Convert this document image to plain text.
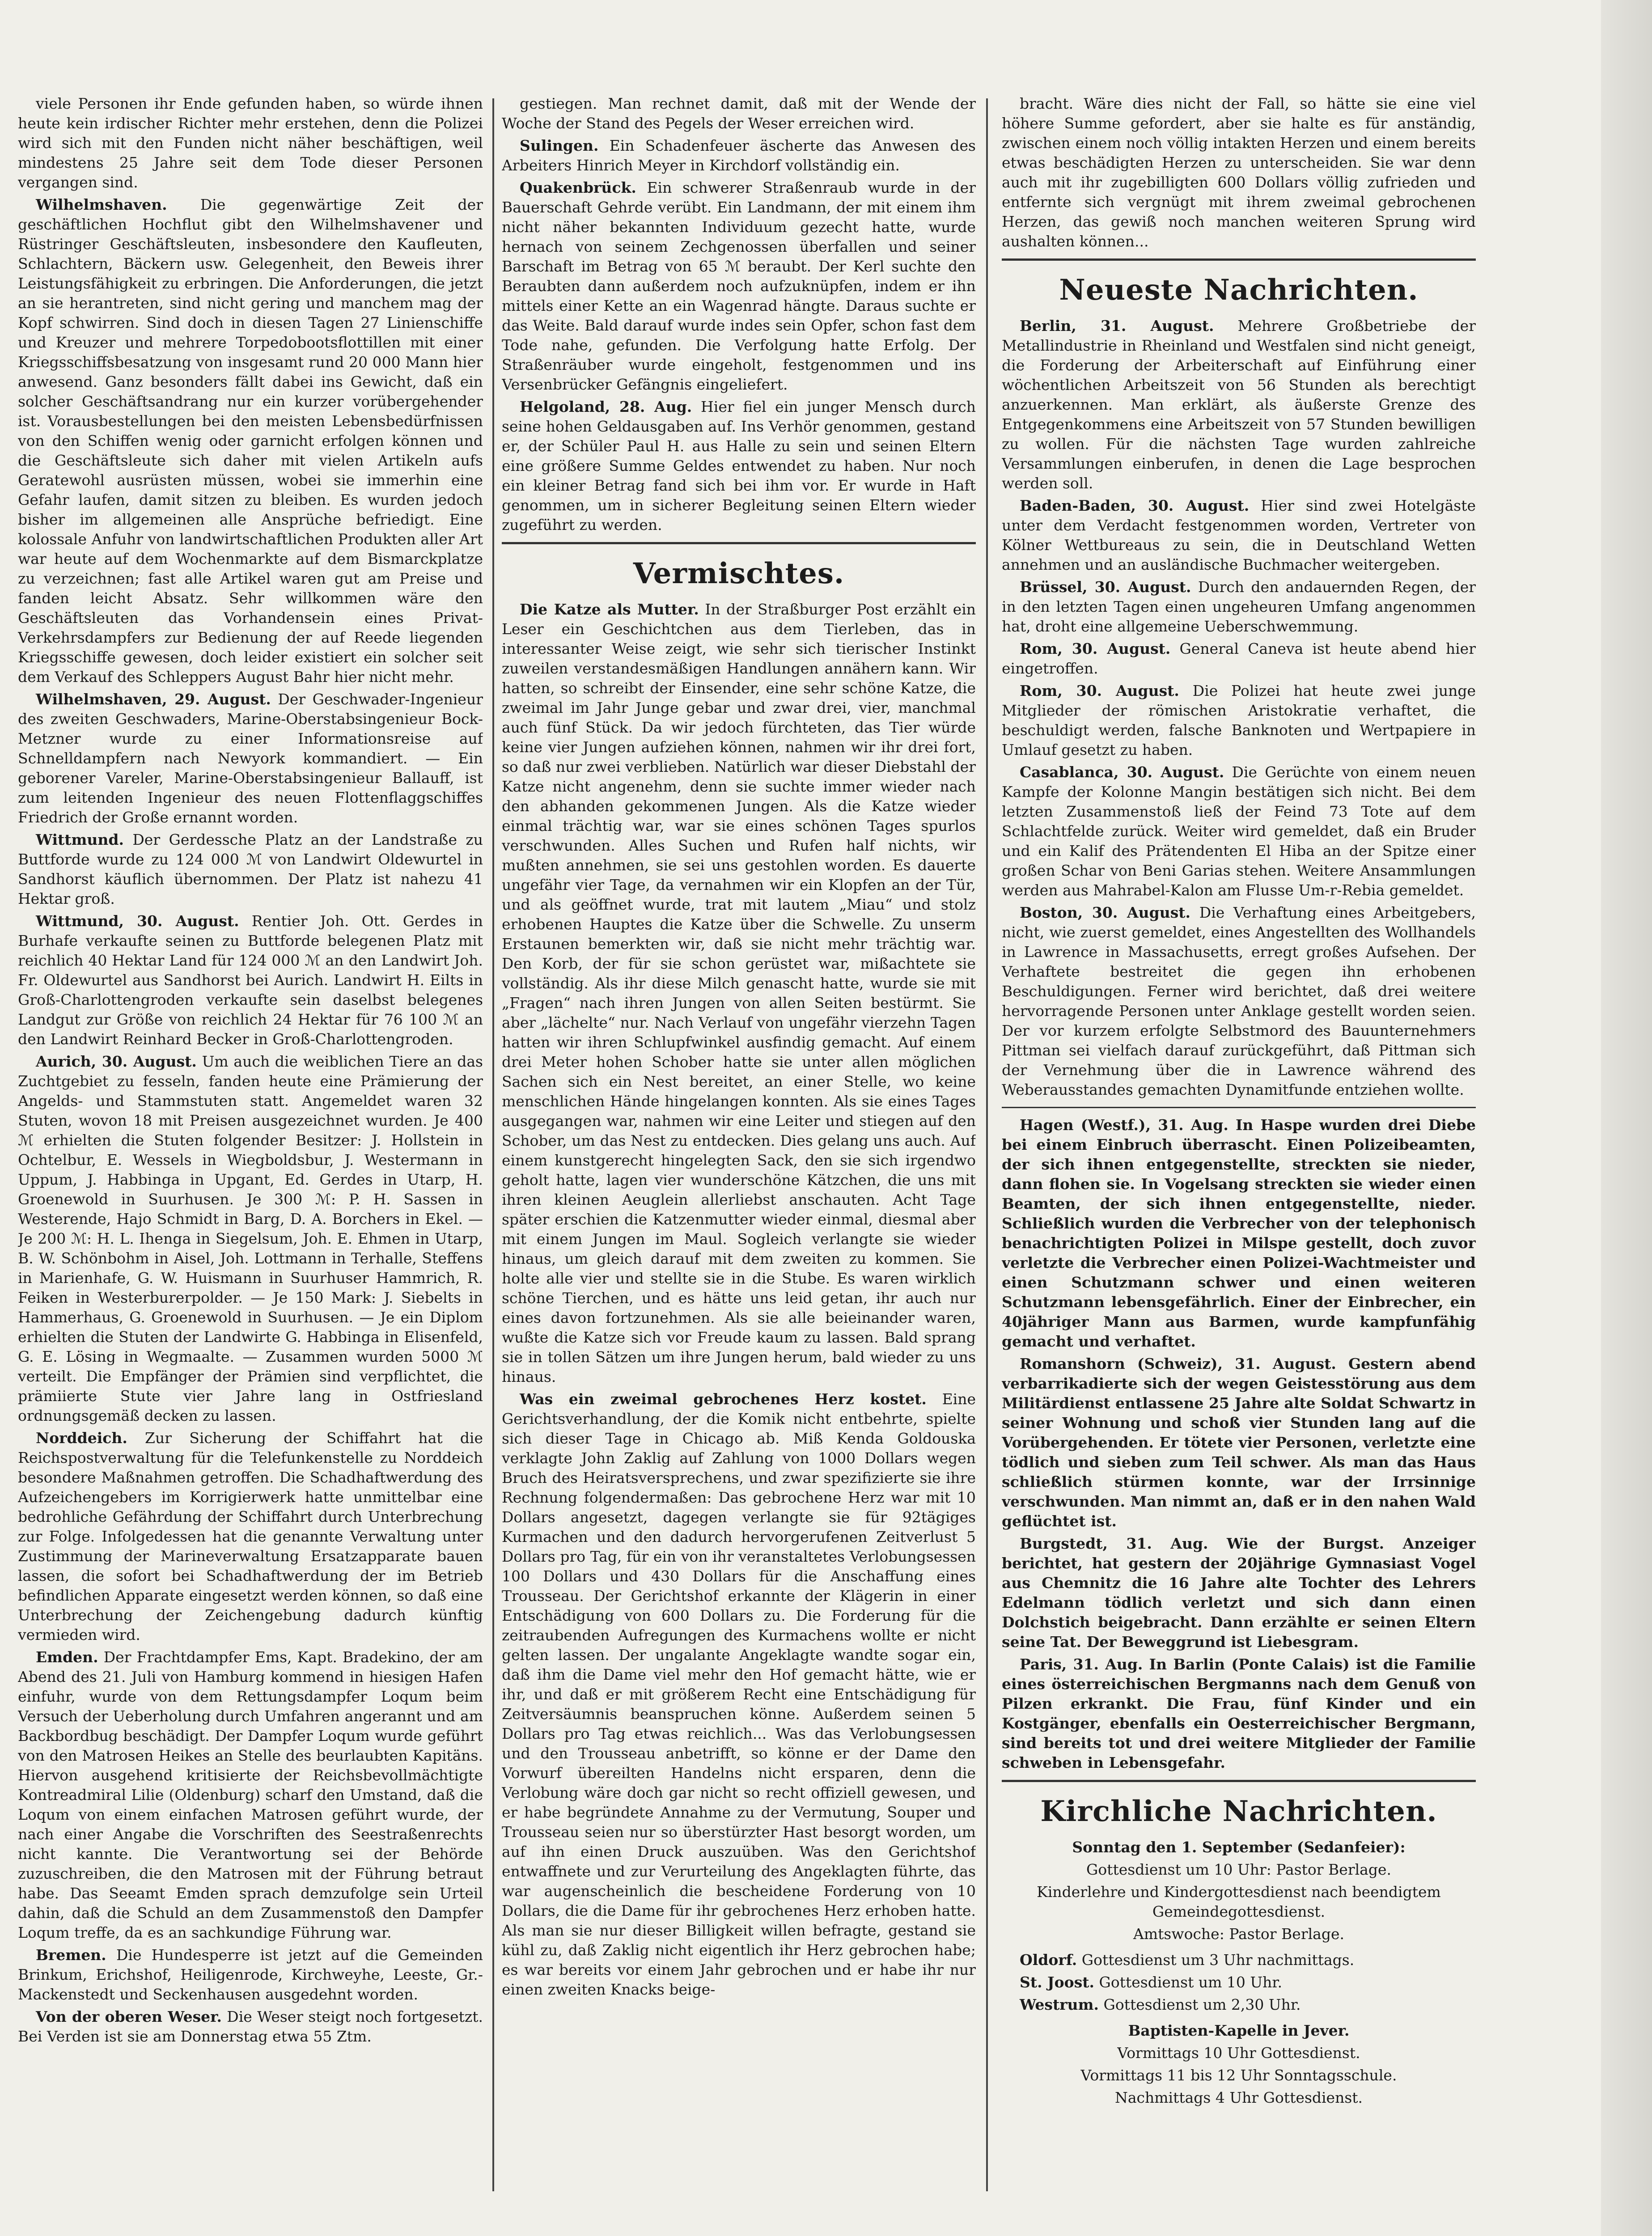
viele Personen ihr Ende gefunden haben, so würde ihnen heute kein irdischer Richter mehr erstehen, denn die Polizei wird sich mit den Funden nicht näher beschäftigen, weil mindestens 25 Jahre seit dem Tode dieser Personen vergangen sind.

Wilhelmshaven. Die gegenwärtige Zeit der geschäftlichen Hochflut gibt den Wilhelmshavener und Rüstringer Geschäftsleuten, insbesondere den Kaufleuten, Schlachtern, Bäckern usw. Gelegenheit, den Beweis ihrer Leistungsfähigkeit zu erbringen. Die Anforderungen, die jetzt an sie herantreten, sind nicht gering und manchem mag der Kopf schwirren. Sind doch in diesen Tagen 27 Linienschiffe und Kreuzer und mehrere Torpedobootsflottillen mit einer Kriegsschiffsbesatzung von insgesamt rund 20 000 Mann hier anwesend. Ganz besonders fällt dabei ins Gewicht, daß ein solcher Geschäftsandrang nur ein kurzer vorübergehender ist. Vorausbestellungen bei den meisten Lebensbedürfnissen von den Schiffen wenig oder garnicht erfolgen können und die Geschäftsleute sich daher mit vielen Artikeln aufs Geratewohl ausrüsten müssen, wobei sie immerhin eine Gefahr laufen, damit sitzen zu bleiben. Es wurden jedoch bisher im allgemeinen alle Ansprüche befriedigt. Eine kolossale Anfuhr von landwirtschaftlichen Produkten aller Art war heute auf dem Wochenmarkte auf dem Bismarckplatze zu verzeichnen; fast alle Artikel waren gut am Preise und fanden leicht Absatz. Sehr willkommen wäre den Geschäftsleuten das Vorhandensein eines Privat-Verkehrsdampfers zur Bedienung der auf Reede liegenden Kriegsschiffe gewesen, doch leider existiert ein solcher seit dem Verkauf des Schleppers August Bahr hier nicht mehr.

Wilhelmshaven, 29. August. Der Geschwader-Ingenieur des zweiten Geschwaders, Marine-Oberstabsingenieur Bock-Metzner wurde zu einer Informationsreise auf Schnelldampfern nach Newyork kommandiert. — Ein geborener Vareler, Marine-Oberstabsingenieur Ballauff, ist zum leitenden Ingenieur des neuen Flottenflaggschiffes Friedrich der Große ernannt worden.

Wittmund. Der Gerdessche Platz an der Landstraße zu Buttforde wurde zu 124 000 ℳ von Landwirt Oldewurtel in Sandhorst käuflich übernommen. Der Platz ist nahezu 41 Hektar groß.

Wittmund, 30. August. Rentier Joh. Ott. Gerdes in Burhafe verkaufte seinen zu Buttforde belegenen Platz mit reichlich 40 Hektar Land für 124 000 ℳ an den Landwirt Joh. Fr. Oldewurtel aus Sandhorst bei Aurich. Landwirt H. Eilts in Groß-Charlottengroden verkaufte sein daselbst belegenes Landgut zur Größe von reichlich 24 Hektar für 76 100 ℳ an den Landwirt Reinhard Becker in Groß-Charlottengroden.

Aurich, 30. August. Um auch die weiblichen Tiere an das Zuchtgebiet zu fesseln, fanden heute eine Prämierung der Angelds- und Stammstuten statt. Angemeldet waren 32 Stuten, wovon 18 mit Preisen ausgezeichnet wurden. Je 400 ℳ erhielten die Stuten folgender Besitzer: J. Hollstein in Ochtelbur, E. Wessels in Wiegboldsbur, J. Westermann in Uppum, J. Habbinga in Upgant, Ed. Gerdes in Utarp, H. Groenewold in Suurhusen. Je 300 ℳ: P. H. Sassen in Westerende, Hajo Schmidt in Barg, D. A. Borchers in Ekel. — Je 200 ℳ: H. L. Ihenga in Siegelsum, Joh. E. Ehmen in Utarp, B. W. Schönbohm in Aisel, Joh. Lottmann in Terhalle, Steffens in Marienhafe, G. W. Huismann in Suurhuser Hammrich, R. Feiken in Westerburerpolder. — Je 150 Mark: J. Siebelts in Hammerhaus, G. Groenewold in Suurhusen. — Je ein Diplom erhielten die Stuten der Landwirte G. Habbinga in Elisenfeld, G. E. Lösing in Wegmaalte. — Zusammen wurden 5000 ℳ verteilt. Die Empfänger der Prämien sind verpflichtet, die prämiierte Stute vier Jahre lang in Ostfriesland ordnungsgemäß decken zu lassen.

Norddeich. Zur Sicherung der Schiffahrt hat die Reichspostverwaltung für die Telefunkenstelle zu Norddeich besondere Maßnahmen getroffen. Die Schadhaftwerdung des Aufzeichengebers im Korrigierwerk hatte unmittelbar eine bedrohliche Gefährdung der Schiffahrt durch Unterbrechung zur Folge. Infolgedessen hat die genannte Verwaltung unter Zustimmung der Marineverwaltung Ersatzapparate bauen lassen, die sofort bei Schadhaftwerdung der im Betrieb befindlichen Apparate eingesetzt werden können, so daß eine Unterbrechung der Zeichengebung dadurch künftig vermieden wird.

Emden. Der Frachtdampfer Ems, Kapt. Bradekino, der am Abend des 21. Juli von Hamburg kommend in hiesigen Hafen einfuhr, wurde von dem Rettungsdampfer Loqum beim Versuch der Ueberholung durch Umfahren angerannt und am Backbordbug beschädigt. Der Dampfer Loqum wurde geführt von den Matrosen Heikes an Stelle des beurlaubten Kapitäns. Hiervon ausgehend kritisierte der Reichsbevollmächtigte Kontreadmiral Lilie (Oldenburg) scharf den Umstand, daß die Loqum von einem einfachen Matrosen geführt wurde, der nach einer Angabe die Vorschriften des Seestraßenrechts nicht kannte. Die Verantwortung sei der Behörde zuzuschreiben, die den Matrosen mit der Führung betraut habe. Das Seeamt Emden sprach demzufolge sein Urteil dahin, daß die Schuld an dem Zusammenstoß den Dampfer Loqum treffe, da es an sachkundige Führung war.

Bremen. Die Hundesperre ist jetzt auf die Gemeinden Brinkum, Erichshof, Heiligenrode, Kirchweyhe, Leeste, Gr.-Mackenstedt und Seckenhausen ausgedehnt worden.

Von der oberen Weser. Die Weser steigt noch fortgesetzt. Bei Verden ist sie am Donnerstag etwa 55 Ztm.

gestiegen. Man rechnet damit, daß mit der Wende der Woche der Stand des Pegels der Weser erreichen wird.

Sulingen. Ein Schadenfeuer äscherte das Anwesen des Arbeiters Hinrich Meyer in Kirchdorf vollständig ein.

Quakenbrück. Ein schwerer Straßenraub wurde in der Bauerschaft Gehrde verübt. Ein Landmann, der mit einem ihm nicht näher bekannten Individuum gezecht hatte, wurde hernach von seinem Zechgenossen überfallen und seiner Barschaft im Betrag von 65 ℳ beraubt. Der Kerl suchte den Beraubten dann außerdem noch aufzuknüpfen, indem er ihn mittels einer Kette an ein Wagenrad hängte. Daraus suchte er das Weite. Bald darauf wurde indes sein Opfer, schon fast dem Tode nahe, gefunden. Die Verfolgung hatte Erfolg. Der Straßenräuber wurde eingeholt, festgenommen und ins Versenbrücker Gefängnis eingeliefert.

Helgoland, 28. Aug. Hier fiel ein junger Mensch durch seine hohen Geldausgaben auf. Ins Verhör genommen, gestand er, der Schüler Paul H. aus Halle zu sein und seinen Eltern eine größere Summe Geldes entwendet zu haben. Nur noch ein kleiner Betrag fand sich bei ihm vor. Er wurde in Haft genommen, um in sicherer Begleitung seinen Eltern wieder zugeführt zu werden.

Vermischtes.

Die Katze als Mutter. In der Straßburger Post erzählt ein Leser ein Geschichtchen aus dem Tierleben, das in interessanter Weise zeigt, wie sehr sich tierischer Instinkt zuweilen verstandesmäßigen Handlungen annähern kann. Wir hatten, so schreibt der Einsender, eine sehr schöne Katze, die zweimal im Jahr Junge gebar und zwar drei, vier, manchmal auch fünf Stück. Da wir jedoch fürchteten, das Tier würde keine vier Jungen aufziehen können, nahmen wir ihr drei fort, so daß nur zwei verblieben. Natürlich war dieser Diebstahl der Katze nicht angenehm, denn sie suchte immer wieder nach den abhanden gekommenen Jungen. Als die Katze wieder einmal trächtig war, war sie eines schönen Tages spurlos verschwunden. Alles Suchen und Rufen half nichts, wir mußten annehmen, sie sei uns gestohlen worden. Es dauerte ungefähr vier Tage, da vernahmen wir ein Klopfen an der Tür, und als geöffnet wurde, trat mit lautem „Miau“ und stolz erhobenen Hauptes die Katze über die Schwelle. Zu unserm Erstaunen bemerkten wir, daß sie nicht mehr trächtig war. Den Korb, der für sie schon gerüstet war, mißachtete sie vollständig. Als ihr diese Milch genascht hatte, wurde sie mit „Fragen“ nach ihren Jungen von allen Seiten bestürmt. Sie aber „lächelte“ nur. Nach Verlauf von ungefähr vierzehn Tagen hatten wir ihren Schlupfwinkel ausfindig gemacht. Auf einem drei Meter hohen Schober hatte sie unter allen möglichen Sachen sich ein Nest bereitet, an einer Stelle, wo keine menschlichen Hände hingelangen konnten. Als sie eines Tages ausgegangen war, nahmen wir eine Leiter und stiegen auf den Schober, um das Nest zu entdecken. Dies gelang uns auch. Auf einem kunstgerecht hingelegten Sack, den sie sich irgendwo geholt hatte, lagen vier wunderschöne Kätzchen, die uns mit ihren kleinen Aeuglein allerliebst anschauten. Acht Tage später erschien die Katzenmutter wieder einmal, diesmal aber mit einem Jungen im Maul. Sogleich verlangte sie wieder hinaus, um gleich darauf mit dem zweiten zu kommen. Sie holte alle vier und stellte sie in die Stube. Es waren wirklich schöne Tierchen, und es hätte uns leid getan, ihr auch nur eines davon fortzunehmen. Als sie alle beieinander waren, wußte die Katze sich vor Freude kaum zu lassen. Bald sprang sie in tollen Sätzen um ihre Jungen herum, bald wieder zu uns hinaus.

Was ein zweimal gebrochenes Herz kostet. Eine Gerichtsverhandlung, der die Komik nicht entbehrte, spielte sich dieser Tage in Chicago ab. Miß Kenda Goldouska verklagte John Zaklig auf Zahlung von 1000 Dollars wegen Bruch des Heiratsversprechens, und zwar spezifizierte sie ihre Rechnung folgendermaßen: Das gebrochene Herz war mit 10 Dollars angesetzt, dagegen verlangte sie für 92tägiges Kurmachen und den dadurch hervorgerufenen Zeitverlust 5 Dollars pro Tag, für ein von ihr veranstaltetes Verlobungsessen 100 Dollars und 430 Dollars für die Anschaffung eines Trousseau. Der Gerichtshof erkannte der Klägerin in einer Entschädigung von 600 Dollars zu. Die Forderung für die zeitraubenden Aufregungen des Kurmachens wollte er nicht gelten lassen. Der ungalante Angeklagte wandte sogar ein, daß ihm die Dame viel mehr den Hof gemacht hätte, wie er ihr, und daß er mit größerem Recht eine Entschädigung für Zeitversäumnis beanspruchen könne. Außerdem seinen 5 Dollars pro Tag etwas reichlich... Was das Verlobungsessen und den Trousseau anbetrifft, so könne er der Dame den Vorwurf übereilten Handelns nicht ersparen, denn die Verlobung wäre doch gar nicht so recht offiziell gewesen, und er habe begründete Annahme zu der Vermutung, Souper und Trousseau seien nur so überstürzter Hast besorgt worden, um auf ihn einen Druck auszuüben. Was den Gerichtshof entwaffnete und zur Verurteilung des Angeklagten führte, das war augenscheinlich die bescheidene Forderung von 10 Dollars, die die Dame für ihr gebrochenes Herz erhoben hatte. Als man sie nur dieser Billigkeit willen befragte, gestand sie kühl zu, daß Zaklig nicht eigentlich ihr Herz gebrochen habe; es war bereits vor einem Jahr gebrochen und er habe ihr nur einen zweiten Knacks beige-

bracht. Wäre dies nicht der Fall, so hätte sie eine viel höhere Summe gefordert, aber sie halte es für anständig, zwischen einem noch völlig intakten Herzen und einem bereits etwas beschädigten Herzen zu unterscheiden. Sie war denn auch mit ihr zugebilligten 600 Dollars völlig zufrieden und entfernte sich vergnügt mit ihrem zweimal gebrochenen Herzen, das gewiß noch manchen weiteren Sprung wird aushalten können...

Neueste Nachrichten.

Berlin, 31. August. Mehrere Großbetriebe der Metallindustrie in Rheinland und Westfalen sind nicht geneigt, die Forderung der Arbeiterschaft auf Einführung einer wöchentlichen Arbeitszeit von 56 Stunden als berechtigt anzuerkennen. Man erklärt, als äußerste Grenze des Entgegenkommens eine Arbeitszeit von 57 Stunden bewilligen zu wollen. Für die nächsten Tage wurden zahlreiche Versammlungen einberufen, in denen die Lage besprochen werden soll.

Baden-Baden, 30. August. Hier sind zwei Hotelgäste unter dem Verdacht festgenommen worden, Vertreter von Kölner Wettbureaus zu sein, die in Deutschland Wetten annehmen und an ausländische Buchmacher weitergeben.

Brüssel, 30. August. Durch den andauernden Regen, der in den letzten Tagen einen ungeheuren Umfang angenommen hat, droht eine allgemeine Ueberschwemmung.

Rom, 30. August. General Caneva ist heute abend hier eingetroffen.

Rom, 30. August. Die Polizei hat heute zwei junge Mitglieder der römischen Aristokratie verhaftet, die beschuldigt werden, falsche Banknoten und Wertpapiere in Umlauf gesetzt zu haben.

Casablanca, 30. August. Die Gerüchte von einem neuen Kampfe der Kolonne Mangin bestätigen sich nicht. Bei dem letzten Zusammenstoß ließ der Feind 73 Tote auf dem Schlachtfelde zurück. Weiter wird gemeldet, daß ein Bruder und ein Kalif des Prätendenten El Hiba an der Spitze einer großen Schar von Beni Garias stehen. Weitere Ansammlungen werden aus Mahrabel-Kalon am Flusse Um-r-Rebia gemeldet.

Boston, 30. August. Die Verhaftung eines Arbeitgebers, nicht, wie zuerst gemeldet, eines Angestellten des Wollhandels in Lawrence in Massachusetts, erregt großes Aufsehen. Der Verhaftete bestreitet die gegen ihn erhobenen Beschuldigungen. Ferner wird berichtet, daß drei weitere hervorragende Personen unter Anklage gestellt worden seien. Der vor kurzem erfolgte Selbstmord des Bauunternehmers Pittman sei vielfach darauf zurückgeführt, daß Pittman sich der Vernehmung über die in Lawrence während des Weberausstandes gemachten Dynamitfunde entziehen wollte.

Hagen (Westf.), 31. Aug. In Haspe wurden drei Diebe bei einem Einbruch überrascht. Einen Polizeibeamten, der sich ihnen entgegenstellte, streckten sie nieder, dann flohen sie. In Vogelsang streckten sie wieder einen Beamten, der sich ihnen entgegenstellte, nieder. Schließlich wurden die Verbrecher von der telephonisch benachrichtigten Polizei in Milspe gestellt, doch zuvor verletzte die Verbrecher einen Polizei-Wachtmeister und einen Schutzmann schwer und einen weiteren Schutzmann lebensgefährlich. Einer der Einbrecher, ein 40jähriger Mann aus Barmen, wurde kampfunfähig gemacht und verhaftet.

Romanshorn (Schweiz), 31. August. Gestern abend verbarrikadierte sich der wegen Geistesstörung aus dem Militärdienst entlassene 25 Jahre alte Soldat Schwartz in seiner Wohnung und schoß vier Stunden lang auf die Vorübergehenden. Er tötete vier Personen, verletzte eine tödlich und sieben zum Teil schwer. Als man das Haus schließlich stürmen konnte, war der Irrsinnige verschwunden. Man nimmt an, daß er in den nahen Wald geflüchtet ist.

Burgstedt, 31. Aug. Wie der Burgst. Anzeiger berichtet, hat gestern der 20jährige Gymnasiast Vogel aus Chemnitz die 16 Jahre alte Tochter des Lehrers Edelmann tödlich verletzt und sich dann einen Dolchstich beigebracht. Dann erzählte er seinen Eltern seine Tat. Der Beweggrund ist Liebesgram.

Paris, 31. Aug. In Barlin (Ponte Calais) ist die Familie eines österreichischen Bergmanns nach dem Genuß von Pilzen erkrankt. Die Frau, fünf Kinder und ein Kostgänger, ebenfalls ein Oesterreichischer Bergmann, sind bereits tot und drei weitere Mitglieder der Familie schweben in Lebensgefahr.

Kirchliche Nachrichten.

Sonntag den 1. September (Sedanfeier):

Gottesdienst um 10 Uhr: Pastor Berlage.

Kinderlehre und Kindergottesdienst nach beendigtem Gemeindegottesdienst.

Amtswoche: Pastor Berlage.

Oldorf. Gottesdienst um 3 Uhr nachmittags.

St. Joost. Gottesdienst um 10 Uhr.

Westrum. Gottesdienst um 2,30 Uhr.

Baptisten-Kapelle in Jever.

Vormittags 10 Uhr Gottesdienst.

Vormittags 11 bis 12 Uhr Sonntagsschule.

Nachmittags 4 Uhr Gottesdienst.
